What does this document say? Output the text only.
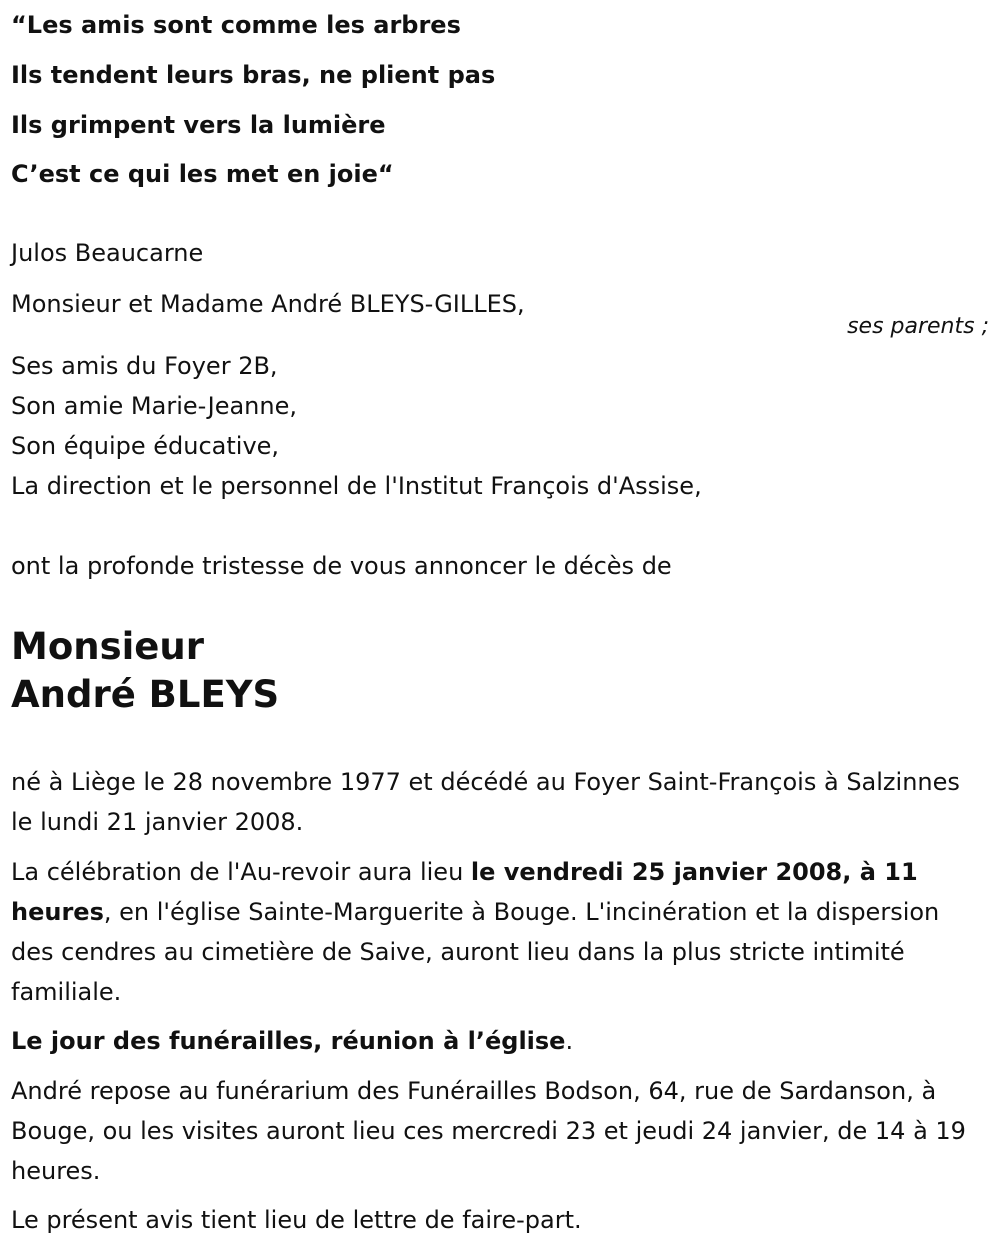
“Les amis sont comme les arbres
Ils tendent leurs bras, ne plient pas
Ils grimpent vers la lumière
C’est ce qui les met en joie“
Julos Beaucarne
Monsieur et Madame André BLEYS-GILLES,
ses parents ;
Ses amis du Foyer 2B,
Son amie Marie-Jeanne,
Son équipe éducative,
La direction et le personnel de l'Institut François d'Assise,
ont la profonde tristesse de vous annoncer le décès de
Monsieur
André BLEYS
né à Liège le 28 novembre 1977 et décédé au Foyer Saint-François à Salzinnes le lundi 21 janvier 2008.
La célébration de l'Au-revoir aura lieu le vendredi 25 janvier 2008, à 11 heures, en l'église Sainte-Marguerite à Bouge. L'incinération et la dispersion des cendres au cimetière de Saive, auront lieu dans la plus stricte intimité familiale.
Le jour des funérailles, réunion à l’église.
André repose au funérarium des Funérailles Bodson, 64, rue de Sardanson, à Bouge, ou les visites auront lieu ces mercredi 23 et jeudi 24 janvier, de 14 à 19 heures.
Le présent avis tient lieu de lettre de faire-part.
